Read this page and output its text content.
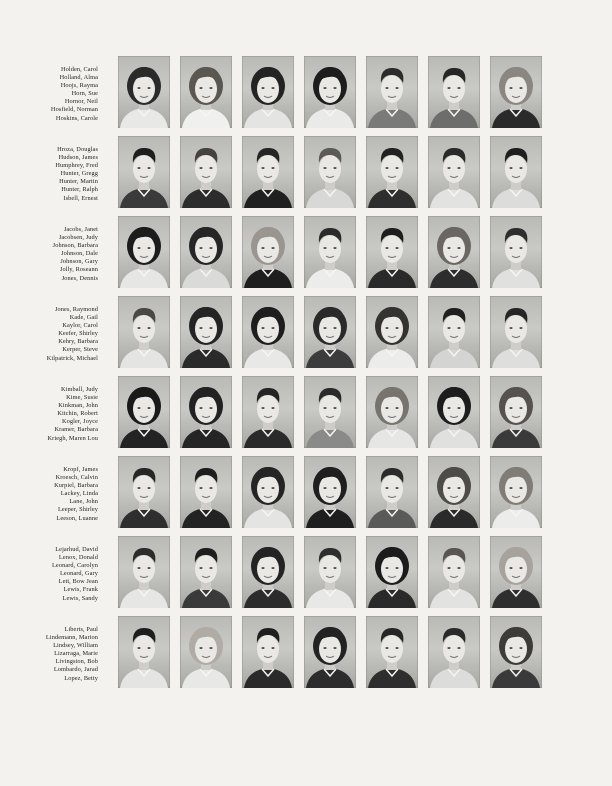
Holden, Carol
Holland, Alma
Hoojs, Rayma
Horn, Sue
Hornor, Neil
Hosfield, Norman
Hoskins, Carole
Hroza, Douglas
Hudson, James
Humphrey, Fred
Hunter, Gregg
Hunter, Martin
Hunter, Ralph
Isbell, Ernest
Jacobs, Janet
Jacobsen, Judy
Johnson, Barbara
Johnson, Dale
Johnson, Gary
Jolly, Roseann
Jones, Dennis
Jones, Raymond
Kade, Gail
Kaylor, Carol
Keefer, Shirley
Kehry, Barbara
Kerper, Steve
Kilpatrick, Michael
Kimball, Judy
Kime, Susie
Kinkman, John
Kitchin, Robert
Kogler, Joyce
Kramer, Barbara
Kriegh, Maren Lou
Kropf, James
Kroesch, Calvin
Kurpiel, Barbara
Lackey, Linda
Lane, John
Leeper, Shirley
Leeson, Luanne
Lejarhud, David
Lenox, Donald
Leonard, Carolyn
Leonard, Gary
Lett, Bow Jean
Lewis, Frank
Lewis, Sandy
Liberts, Paul
Lindemann, Marion
Lindsey, William
Lizarraga, Marie
Livingston, Bob
Lombardo, Jarad
Lopez, Betty
